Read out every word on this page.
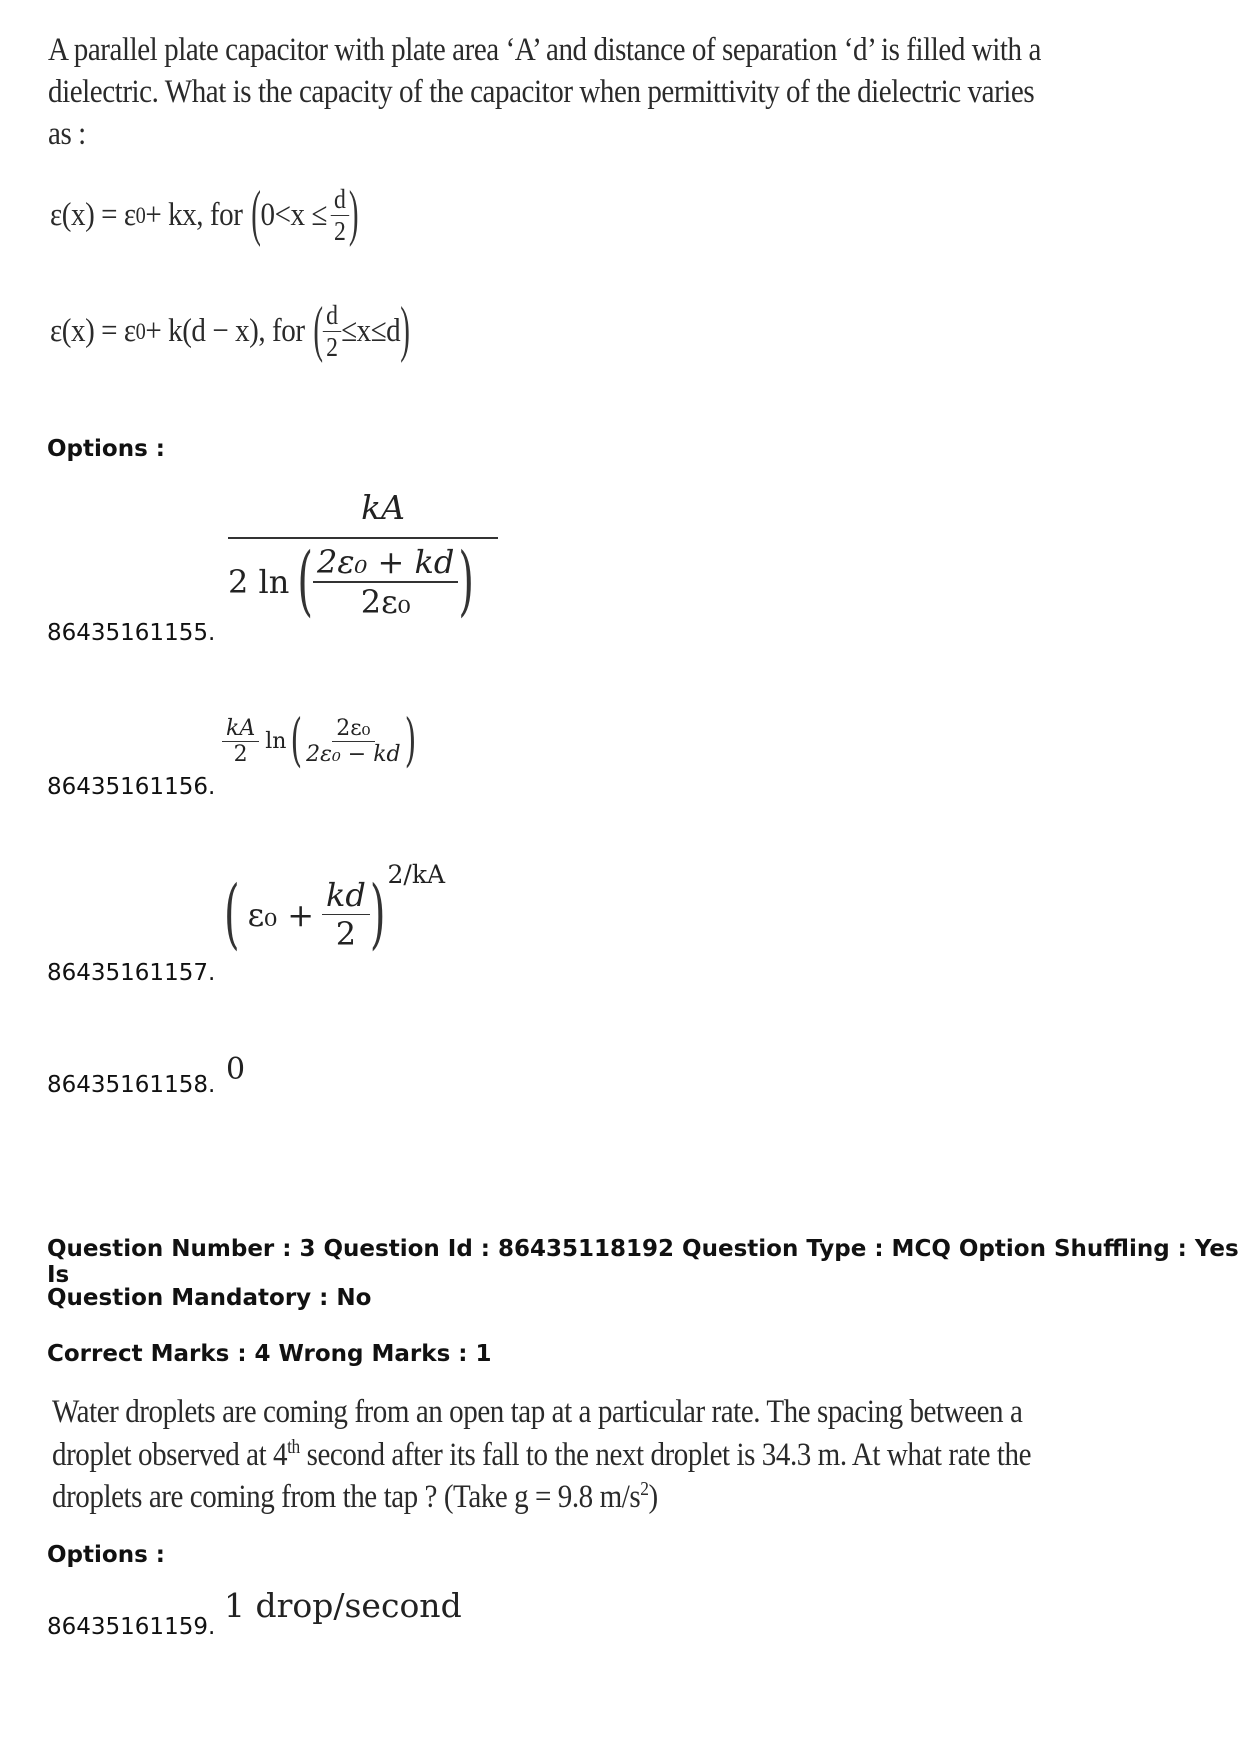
A parallel plate capacitor with plate area ‘A’ and distance of separation ‘d’ is filled with a
dielectric. What is the capacity of the capacitor when permittivity of the dielectric varies
as :
ε(x) = ε 0 + kx, for ( $0<x \le \frac{d}{2}$ )
ε(x) = ε 0 + k(d − x), for ( $\frac{d}{2} \le x\le d$ )
Options :
86435161155.
kA
2 ln ( $\frac{\text{2ε₀ + kd}}{\text{2ε₀}}$ )
86435161156.
$\frac{kA}{2}$ ln ( $\frac{\text{2ε₀}}{\text{2ε₀ − kd}}$ )
86435161157.
( $\varepsilon_0 + \frac{kd}{2}$ ) 2/kA
86435161158. 0
Question Number : 3 Question Id : 86435118192 Question Type : MCQ Option Shuffling : Yes Is
Question Mandatory : No
Correct Marks : 4 Wrong Marks : 1
Water droplets are coming from an open tap at a particular rate. The spacing between a
droplet observed at 4th second after its fall to the next droplet is 34.3 m. At what rate the
droplets are coming from the tap ? (Take g = 9.8 $m/s^2$)
Options :
86435161159.
1 drop/second
